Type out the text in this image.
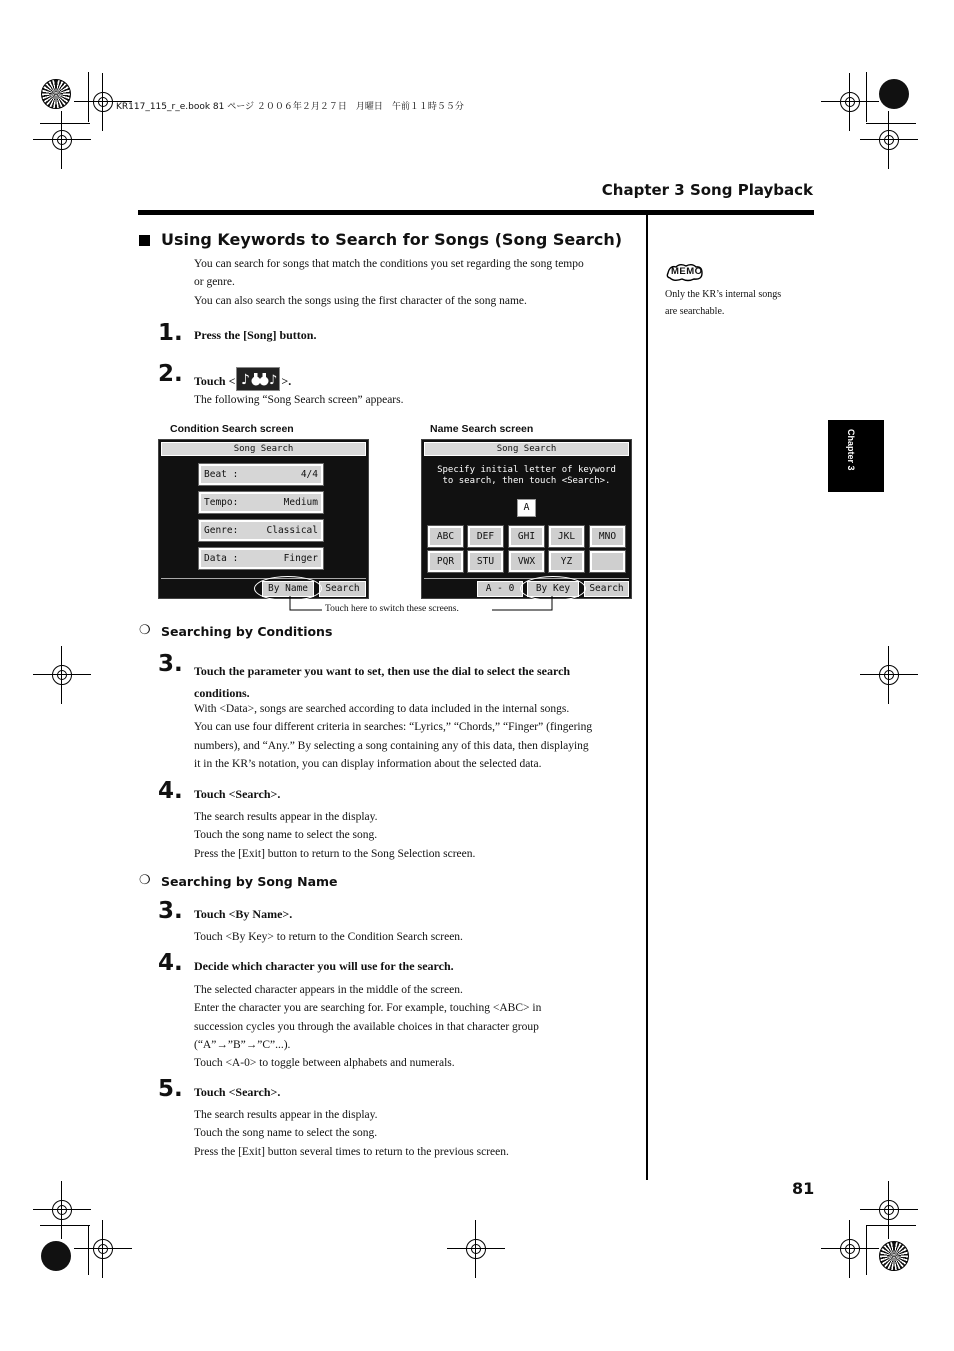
KR117_115_r_e.book 81 ページ ２００６年２月２７日　月曜日　午前１１時５５分
Chapter 3 Song Playback
Chapter 3
Using Keywords to Search for Songs (Song Search)
You can search for songs that match the conditions you set regarding the song tempo
or genre.
You can also search the songs using the first character of the song name.
MEMO
Only the KR’s internal songs
are searchable.
1. Press the [Song] button.
2. Touch < ♪ ♪ >.
The following “Song Search screen” appears.
Condition Search screen	Name Search screen
Song Search
Beat :	4/4
Tempo:	Medium
Genre:	Classical
Data :	Finger
By Name	Search
Song Search
Specify initial letter of keyword
to search, then touch <Search>.
A
ABC	DEF	GHI	JKL	MNO
PQR	STU	VWX	YZ
A - 0	By Key	Search
Touch here to switch these screens.
❍ Searching by Conditions
3. Touch the parameter you want to set, then use the dial to select the search
conditions.
With <Data>, songs are searched according to data included in the internal songs.
You can use four different criteria in searches: “Lyrics,” “Chords,” “Finger” (fingering
numbers), and “Any.” By selecting a song containing any of this data, then displaying
it in the KR’s notation, you can display information about the selected data.
4. Touch <Search>.
The search results appear in the display.
Touch the song name to select the song.
Press the [Exit] button to return to the Song Selection screen.
❍ Searching by Song Name
3. Touch <By Name>.
Touch <By Key> to return to the Condition Search screen.
4. Decide which character you will use for the search.
The selected character appears in the middle of the screen.
Enter the character you are searching for. For example, touching <ABC> in
succession cycles you through the available choices in that character group
(“A”→”B”→”C”...).
Touch <A-0> to toggle between alphabets and numerals.
5. Touch <Search>.
The search results appear in the display.
Touch the song name to select the song.
Press the [Exit] button several times to return to the previous screen.
81
